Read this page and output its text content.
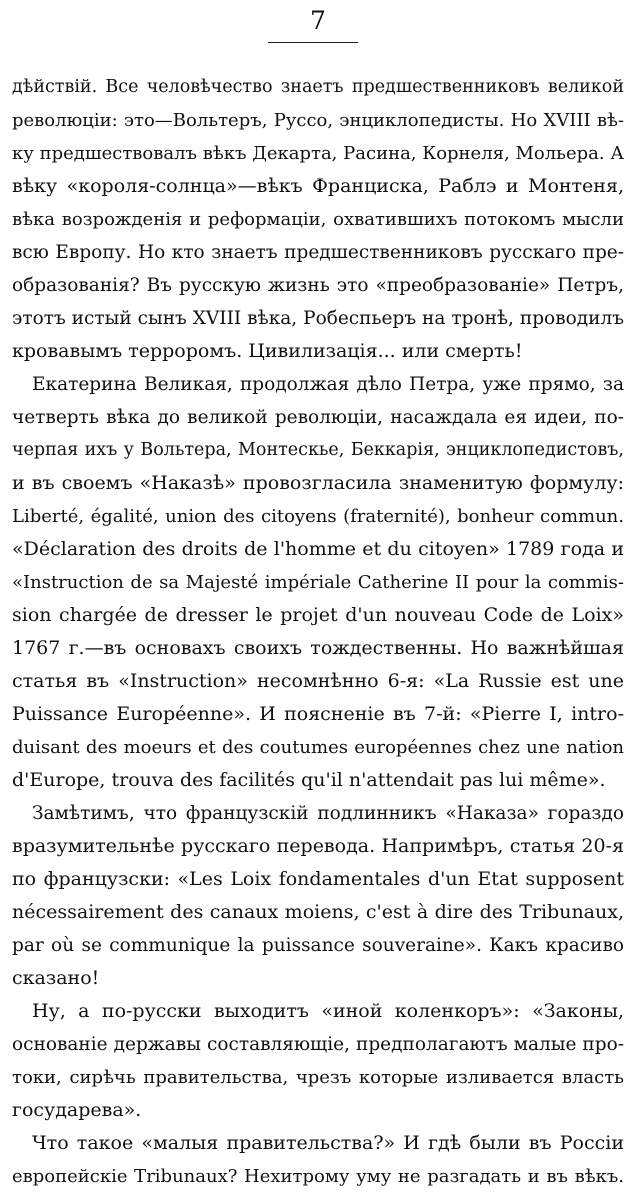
7
дѣйствій. Все человѣчество знаетъ предшественниковъ великой
революціи: это—Вольтеръ, Руссо, энциклопедисты. Но XVIII вѣ-
ку предшествовалъ вѣкъ Декарта, Расина, Корнеля, Мольера. А
вѣку «короля-солнца»—вѣкъ Франциска, Раблэ и Монтеня,
вѣка возрожденія и реформаціи, охватившихъ потокомъ мысли
всю Европу. Но кто знаетъ предшественниковъ русскаго пре-
образованія? Въ русскую жизнь это «преобразованіе» Петръ,
этотъ истый сынъ XVIII вѣка, Робеспьеръ на тронѣ, проводилъ
кровавымъ терроромъ. Цивилизація... или смерть!
Екатерина Великая, продолжая дѣло Петра, уже прямо, за
четверть вѣка до великой революціи, насаждала ея идеи, по-
черпая ихъ у Вольтера, Монтескье, Беккарія, энциклопедистовъ,
и въ своемъ «Наказѣ» провозгласила знаменитую формулу:
Liberté, égalité, union des citoyens (fraternité), bonheur commun.
«Déclaration des droits de l'homme et du citoyen» 1789 года и
«Instruction de sa Majesté impériale Catherine II pour la commis-
sion chargée de dresser le projet d'un nouveau Code de Loix»
1767 г.—въ основахъ своихъ тождественны. Но важнѣйшая
статья въ «Instruction» несомнѣнно 6-я: «La Russie est une
Puissance Européenne». И поясненіе въ 7-й: «Pierre I, intro-
duisant des moeurs et des coutumes européennes chez une nation
d'Europe, trouva des facilités qu'il n'attendait pas lui même».
Замѣтимъ, что французскій подлинникъ «Наказа» гораздо
вразумительнѣе русскаго перевода. Напримѣръ, статья 20-я
по французски: «Les Loix fondamentales d'un Etat supposent
nécessairement des canaux moiens, c'est à dire des Tribunaux,
par où se communique la puissance souveraine». Какъ красиво
сказано!
Ну, а по-русски выходитъ «иной коленкоръ»: «Законы,
основаніе державы составляющіе, предполагаютъ малые про-
токи, сирѣчь правительства, чрезъ которые изливается власть
государева».
Что такое «малыя правительства?» И гдѣ были въ Россіи
европейскіе Tribunaux? Нехитрому уму не разгадать и въ вѣкъ.
